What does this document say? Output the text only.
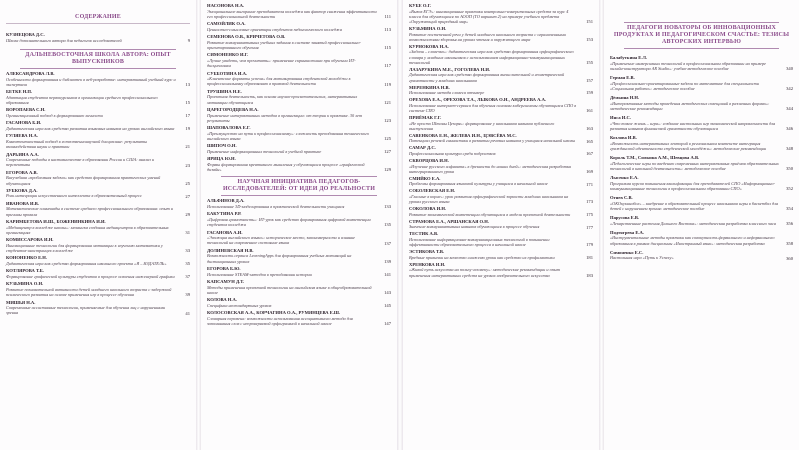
СОДЕРЖАНИЕ
КУЗНЕЦОВА Д.С.
Школа дополнительного автора для педагогов исследователей	9
ДАЛЬНЕВОСТОЧНАЯ ШКОЛА АВТОРА: ОПЫТ ВЫПУСКНИКОВ
АЛЕКСАНДРОВА Л.В.
Особенности формирования и библиотек в веб-разработке: интерактивный учебный курс и экспертиза	13
БЕТКЕ Н.П.
Адаптация студентов первокурсников в организации среднего профессионального образования	15
ВОРОПАЕВА С.Н.
Организационный подход к формированию личности	17
ГАСАНОВА Б.И.
Дидактическая игра как средство развития языковых навыков на уроках английского языка	19
ГУЛЯЕВА Н.А.
Компетентностный подход в естественнонаучной дисциплине: результаты взаимодействия науки и практики	21
ДАРЬИНА А.А.
Современные подходы в наставничестве в образовании России и США: анализ и перспективы	23
ЕГОРОВА А.В.
Внеучебная «проблемная задача» как средство формирования практических умений обучающихся	25
ЗУБКОВА Д.А.
Роль интеграции искусственного интеллекта в образовательный процесс	27
ИВАНОВА И.В.
Математические олимпиады в системе среднего профессионального образования: опыт и причины провала	29
КАРИМБЕТОВА И.Ш., БОЖЕНИНКИНА И.И.
«Медиацентр в колледже школы»: механизм создания медиацентров в образовательных организациях	31
КОМИССАРОВА И.Н.
Инновационные технологии для формирования мотивации к изучению математики у студентов-иностранцев в колледже	33
КОНОНЕНКО Е.Н.
Дидактическая игра как средство формирования школьного проекта «Я – ИЗДАТЕЛЬ»	35
КОТЛЯРОВА Т.Б.
Формирование графической культуры студентов в процессе освоения инженерной графики	37
КУЗЬМИНА О.Н.
Развитие познавательной активности детей младшего школьного возраста с задержкой психического развития на основе применения игр в процессе обучения	39
МИШЬЯ Н.А.
Современные ассистивные технологии, применяемые для обучения лиц с нарушениями зрения	41
НАСОНОВА Н.А.
Эмоциональное выгорание преподавателя колледжа как фактор снижения эффективности его профессиональной деятельности	111
САМОЙЛИК О.А.
Ценностно-смысловые ориентиры студентов педагогического колледжа	113
СЕМЕНОВА О.В., КРИЧЕТОВА О.В.
Развитие коммуникативных учебных задания в системе занятий профессионально-ориентированного обучения	115
СИМОНЕНКО И.Г.
«Лучше увидеть, чем прочитать»: применение скринкастинга при обучении ИТ-дисциплинам	117
СУББОТИНА И.А.
«Клиентские форматы успеха» для мотивирования студентской молодёжи к профессиональному образованию в правовой деятельности	119
ТРУШИНА Н.Е.
Проектная деятельность, как основа научно-просветительских, интерактивных мотивации обучающихся	121
ЦАРЕГОРОДЦЕВА Н.А.
Применение интерактивных методов в организации: от теории к практике. 30 лет результаты	123
ШАПОВАЛОВА Е.Г.
«Преимущество на пути к профессионализму»: сложность преподавания технического английского языка	125
ШИПОЧ О.Н.
Применение информационных технологий в учебной практике	127
ЯРИЦА Ю.Н.
Формы формирования креативного мышления у обучающихся процессе «графической дизайн»	129
НАУЧНАЯ ИНИЦИАТИВА ПЕДАГОГОВ-ИССЛЕДОВАТЕЛЕЙ: ОТ ИДЕИ ДО РЕАЛЬНОСТИ
АЛЬФИНОВ Д.А.
Использование 3D-моделирования в практической деятельности учащихся	133
БАКУТИНА Р.Р.
«Цифровая грамотность»: ИТ-урок как средство формирования цифровой компетенции студентов колледжа	135
ГАСАНОВА А.И.
«Эволюция английского языка»: историческое место, закономерности и влияние технологий на современное состояние языка	137
ДОЛИНЕВСКАЯ Н.В.
Возможность сервиса LearningApps для формирования учебных мотиваций на дистанционных уроках	139
ЕГОРОВА Б.Ю.
Использование STEAM-методов в преподавании истории	141
КАПСАМУН Д.Т.
Методы применения проектной технологии на английском языке в общеобразовательной школе	143
КОЛОВА Н.А.
Специфика нестандартных уроков	145
КОЛОСОВСКАЯ А.А., КОРЧАГИНА О.А., РУМЯНЦЕВА Е.Ш.
Словарная перемена: возможности использования ассоциативного метода для запоминания слов с непроверяемой орфограммой в начальной школе	147
КУБЕ О.Г.
«Вызов ЕГЭ»: инновационные практики контрольно-измерительных средств за курс 4 класса для обучающихся по АООП (ТО вариант 2) на примере учебного предмета «Окружающий природный мир»	151
КУЗЬМИНА О.Н.
Развитие постепенной речи у детей младшего школьного возраста с ограниченными возможностями здоровья на уроках чтения и окружающего мира	153
КУРНОКОВА Н.А.
«Задачи – словечко»: дидактическая игра как средство формирования орфографического словаря у младших школьников с использованием информационно-коммуникационных технологий	155
ЛАЗАРУКИНА М.Е., ГОГОЛЕВА Н.И.
Дидактическая игра как средство формирования вычислительной и геометрической грамотности у младших школьников	157
МЕРЕНКИНА Н.В.
Использование метода словеса отчивере	159
ОРЕХОВА Е.А., ОРЕХОВА Т.А., ЛЫКОВА О.Н., АНДРЕЕВА А.А.
Использование интернет-сервиса для обучения основам кибергигиены обучающихся СПО в системе СПО	161
ПРИЁМАК Г.Г.
«Не просто Штаны Цезаря»: формирование у школьников навыков публичного выступления	163
САВЕНКОВА Е.Н., ЖЕЛЕВА И.Н., ЦЭВСЁВА М.С.
Потенциал речевой гимнастики в развитии речевых навыков у учащихся начальной школы	165
САМАР Д.С.
Профессиональная культура среди подростков	167
СКВОРЦОВА И.Н.
«Изучение русского алфавита» в древности до наших дней»: методическая разработка интегрированного урока	169
СМИЙКО Е.А.
Проблемы формирования языковой культуры у учащихся в начальной школе	171
СОБОЛЕВСКАЯ Е.Н.
«Гласные в корне»: урок развития орфографической зоркости младших школьников на уроках русского языка	173
СОКОЛОВА И.Н.
Развитие экономической компетенции обучающихся в модели проектной деятельности	175
СТРАМОВА Е.А., АРШАНСКАЯ О.Н.
Значение коммуникативных навыков обучающихся в процессе обучения	177
ТЕСТИК А.В.
Использование информационно-коммуникационных технологий в повышении эффективности образовательного процесса в начальной школе	179
ЭСТИКОВА Т.В.
Вредные привычки на качество сниженю уроки как средство их профилактики	181
ХРЕНКОВА И.Н.
«Живой путь искусства на пользу человеку»: методические рекомендации и опыт применения интерактивных средств на уроках изобразительного искусства	183
ПЕДАГОГИ НОВАТОРЫ ОБ ИННОВАЦИОННЫХ ПРОДУКТАХ И ПЕДАГОГИЧЕСКОМ СЧАСТЬЕ: ТЕЗИСЫ АВТОРСКИХ ИНТЕРВЬЮ
Балабуткина Е.Л.
«Применение иммерсивных технологий в профессиональном образовании на примере онлайн-конструктора AR Studio»: учебно-методическое пособие	340
Герман Е.В.
«Профессионально-ориентированные задачи по математике для специальности «Социальная работа»: методическое пособие	342
Дёмкина Н.Н.
«Интерактивные методы проведения методических совещаний в различных формах»: методические рекомендации	344
Инса И.С.
«Что такое жизнь – игра»: создание настольных игр экономической направленности для развития навыков финансовой грамотности обучающихся	346
Козлова И.В.
«Возможность интерактивных лекторий в региональном контексте интеграция гражданской идентичности студенческой молодёжи»: методические рекомендации	348
Король Т.М., Сомкина А.М., Шевцова А.В.
«Педагогические игры по введению современных интерактивных приёмов образовательных технологий в школьной деятельности»: методическое пособие	350
Лысенко Е.А.
Программа курсов повышения квалификации для преподавателей СПО «Информационно-коммуникационные технологии в профессиональном образовании СПО»	352
Огнев С.В.
«ОКОкукинобол» – внедрение в образовательный процесс школьников игры в баскетбол для детей с нарушением зрения: методическое пособие	354
Парусова Е.В.
«Лекарственные растения Дальнего Востока»: методическая разработка классного часа	356
Подтягрева Е.А.
«Инструментальные методы практики как совокупность формального и неформального образования в рамках дисциплины «Иностранный язык»: методическая разработка	358
Симоненко Е.С.
Настольная игра «Путь к Успеху»	360
